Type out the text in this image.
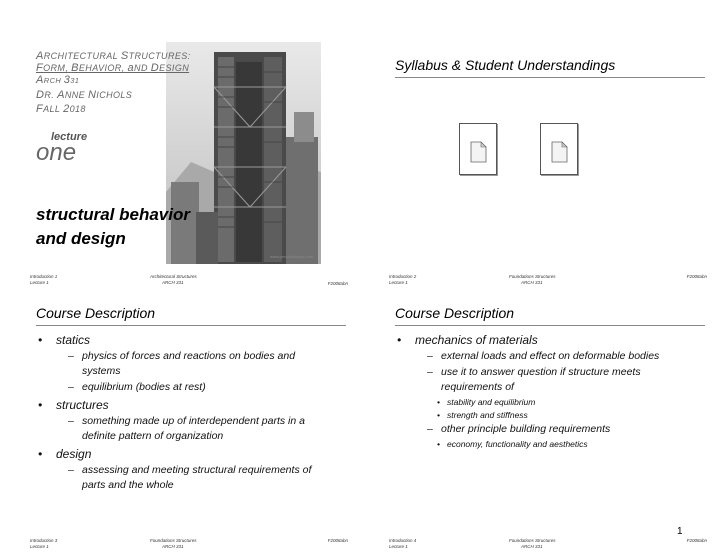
ARCHITECTURAL STRUCTURES:
FORM, BEHAVIOR, aND DESIGN
ARCH 331
DR. ANNE NICHOLS
FALL 2018
lecture
one
structural behavior
and design
www.greatbuildings.com
Introduction 1
Lecture 1
Architectural Structures
ARCH 331	F2008abn
Syllabus & Student Understandings
Introduction 2
Lecture 1
Foundations Structures
ARCH 331
F2008abn
Course Description
• statics
– physics of forces and reactions on bodies and systems
– equilibrium (bodies at rest)
• structures
– something made up of interdependent parts in a definite pattern of organization
• design
– assessing and meeting structural requirements of parts and the whole
Introduction 3
Lecture 1
Foundations Structures
ARCH 331
F2008abn
Course Description
• mechanics of materials
– external loads and effect on deformable bodies
– use it to answer question if structure meets requirements of
• stability and equilibrium
• strength and stiffness
– other principle building requirements
• economy, functionality and aesthetics
Introduction 4
Lecture 1
Foundations Structures
ARCH 331
F2008abn
1
